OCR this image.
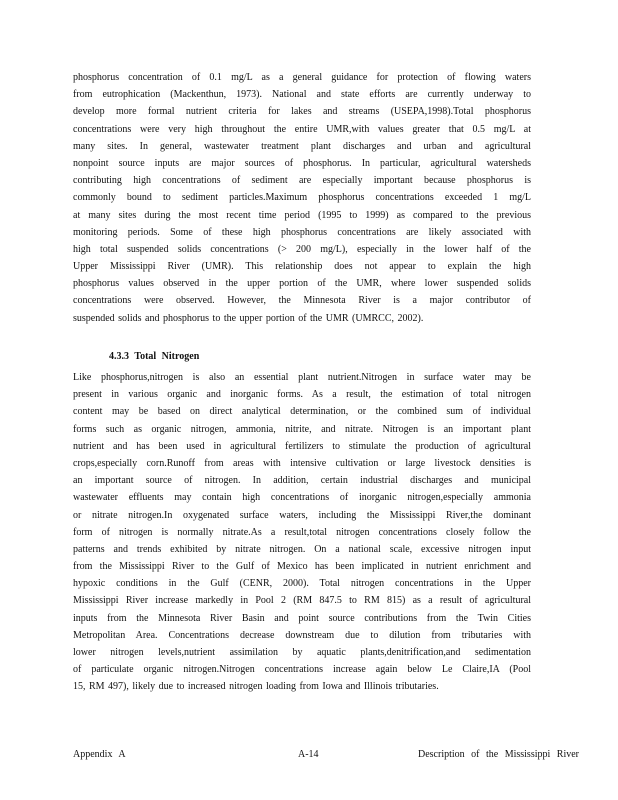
phosphorus concentration of 0.1 mg/L as a general guidance for protection of flowing waters
from eutrophication (Mackenthun, 1973). National and state efforts are currently underway to
develop more formal nutrient criteria for lakes and streams (USEPA,1998).Total phosphorus
concentrations were very high throughout the entire UMR,with values greater that 0.5 mg/L at
many sites. In general, wastewater treatment plant discharges and urban and agricultural
nonpoint source inputs are major sources of phosphorus. In particular, agricultural watersheds
contributing high concentrations of sediment are especially important because phosphorus is
commonly bound to sediment particles.Maximum phosphorus concentrations exceeded 1 mg/L
at many sites during the most recent time period (1995 to 1999) as compared to the previous
monitoring periods. Some of these high phosphorus concentrations are likely associated with
high total suspended solids concentrations (> 200 mg/L), especially in the lower half of the
Upper Mississippi River (UMR). This relationship does not appear to explain the high
phosphorus values observed in the upper portion of the UMR, where lower suspended solids
concentrations were observed. However, the Minnesota River is a major contributor of
suspended solids and phosphorus to the upper portion of the UMR (UMRCC, 2002).
4.3.3 Total Nitrogen
Like phosphorus,nitrogen is also an essential plant nutrient.Nitrogen in surface water may be
present in various organic and inorganic forms. As a result, the estimation of total nitrogen
content may be based on direct analytical determination, or the combined sum of individual
forms such as organic nitrogen, ammonia, nitrite, and nitrate. Nitrogen is an important plant
nutrient and has been used in agricultural fertilizers to stimulate the production of agricultural
crops,especially corn.Runoff from areas with intensive cultivation or large livestock densities is
an important source of nitrogen. In addition, certain industrial discharges and municipal
wastewater effluents may contain high concentrations of inorganic nitrogen,especially ammonia
or nitrate nitrogen.In oxygenated surface waters, including the Mississippi River,the dominant
form of nitrogen is normally nitrate.As a result,total nitrogen concentrations closely follow the
patterns and trends exhibited by nitrate nitrogen. On a national scale, excessive nitrogen input
from the Mississippi River to the Gulf of Mexico has been implicated in nutrient enrichment and
hypoxic conditions in the Gulf (CENR, 2000). Total nitrogen concentrations in the Upper
Mississippi River increase markedly in Pool 2 (RM 847.5 to RM 815) as a result of agricultural
inputs from the Minnesota River Basin and point source contributions from the Twin Cities
Metropolitan Area. Concentrations decrease downstream due to dilution from tributaries with
lower nitrogen levels,nutrient assimilation by aquatic plants,denitrification,and sedimentation
of particulate organic nitrogen.Nitrogen concentrations increase again below Le Claire,IA (Pool
15, RM 497), likely due to increased nitrogen loading from Iowa and Illinois tributaries.
Appendix A	A-14	Description of the Mississippi River
